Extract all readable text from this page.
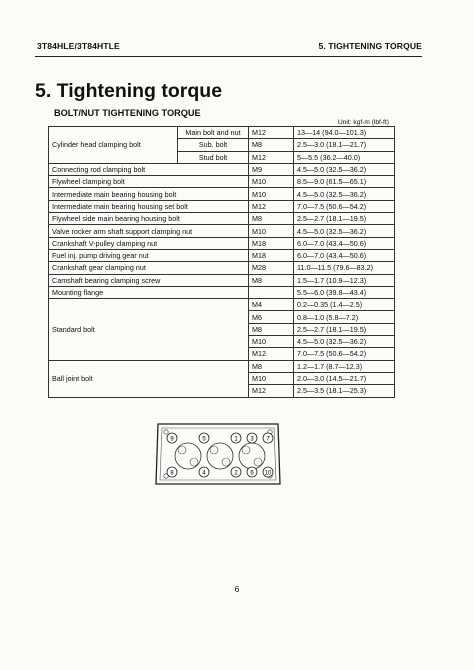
3T84HLE/3T84HTLE	5. TIGHTENING TORQUE
5. Tightening torque
BOLT/NUT TIGHTENING TORQUE
Unit: kgf-m (lbf-ft)
Cylinder head clamping bolt	Main bolt and nut	M12	13—14 (94.0—101.3)
	Sub. bolt	M8	2.5—3.0 (18.1—21.7)
	Stud bolt	M12	5—5.5 (36.2—40.0)
Connecting rod clamping bolt		M9	4.5—5.0 (32.5—36.2)
Flywheel clamping bolt		M10	8.5—9.0 (61.5—65.1)
Intermediate main bearing housing bolt		M10	4.5—5.0 (32.5—36.2)
Intermediate main bearing housing set bolt		M12	7.0—7.5 (50.6—54.2)
Flywheel side main bearing housing bolt		M8	2.5—2.7 (18.1—19.5)
Valve rocker arm shaft support clamping nut		M10	4.5—5.0 (32.5—36.2)
Crankshaft V-pulley clamping nut		M18	6.0—7.0 (43.4—50.6)
Fuel inj. pump driving gear nut		M18	6.0—7.0 (43.4—50.6)
Crankshaft gear clamping nut		M28	11.0—11.5 (79.6—83.2)
Camshaft bearing clamping screw		M8	1.5—1.7 (10.9—12.3)
Mounting flange			5.5—6.0 (39.8—43.4)
Standard bolt		M4	0.2—0.35 (1.4—2.5)
		M6	0.8—1.0 (5.8—7.2)
		M8	2.5—2.7 (18.1—19.5)
		M10	4.5—5.0 (32.5—36.2)
		M12	7.0—7.5 (50.6—54.2)
Ball joint bolt		M8	1.2—1.7 (8.7—12.3)
		M10	2.0—3.0 (14.5—21.7)
		M12	2.5—3.5 (18.1—25.3)
9	5	1 3 7
8	4	2 6 10
6
